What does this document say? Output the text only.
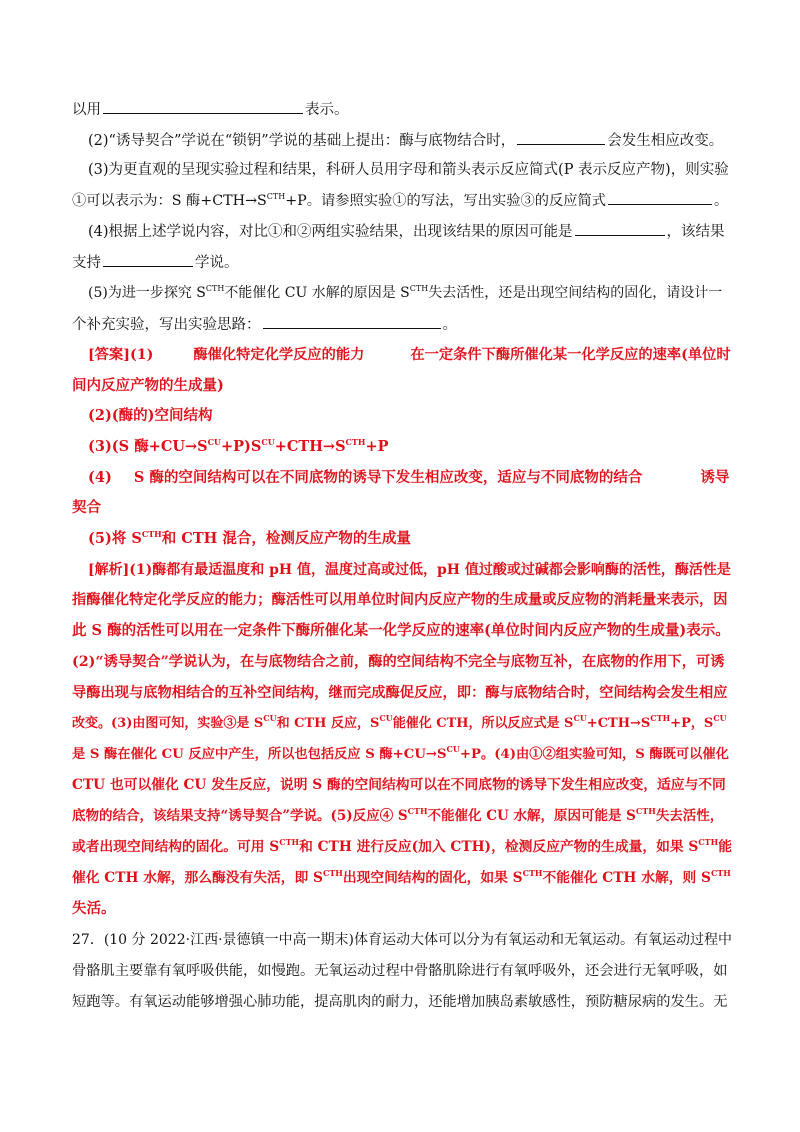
以用	表示。
(2)“诱导契合”学说在“锁钥”学说的基础上提出：酶与底物结合时，	会发生相应改变。
(3)为更直观的呈现实验过程和结果，科研人员用字母和箭头表示反应简式(P 表示反应产物)，则实验
①可以表示为：S 酶$+CTH\to S^{CTH}+P$。请参照实验①的写法，写出实验③的反应简式	。
(4)根据上述学说内容，对比①和②两组实验结果，出现该结果的原因可能是	，该结果
支持	学说。
(5)为进一步探究 $S^{CTH}$不能催化 CU 水解的原因是 $S^{CTH}$失去活性，还是出现空间结构的固化，请设计一
个补充实验，写出实验思路：	。
[答案](1)	酶催化特定化学反应的能力	在一定条件下酶所催化某一化学反应的速率(单位时
间内反应产物的生成量)
(2)(酶的)空间结构
(3)(S 酶$+CU\to S^{CU}+P)S^{CU}+CTH\to S^{CTH}+P$
(4) S 酶的空间结构可以在不同底物的诱导下发生相应改变，适应与不同底物的结合	诱导
契合
(5)将 $S^{CTH}$和 CTH 混合，检测反应产物的生成量
[解析](1)酶都有最适温度和 pH 值，温度过高或过低，pH 值过酸或过碱都会影响酶的活性，酶活性是
指酶催化特定化学反应的能力；酶活性可以用单位时间内反应产物的生成量或反应物的消耗量来表示，因
此 S 酶的活性可以用在一定条件下酶所催化某一化学反应的速率(单位时间内反应产物的生成量)表示。
(2)“诱导契合”学说认为，在与底物结合之前，酶的空间结构不完全与底物互补，在底物的作用下，可诱
导酶出现与底物相结合的互补空间结构，继而完成酶促反应，即：酶与底物结合时，空间结构会发生相应
改变。(3)由图可知，实验③是 $S^{CU}$和 CTH 反应，$S^{CU}$能催化 CTH，所以反应式是 $S^{CU}+CTH\to S^{CTH}+P$，$S^{CU}$
是 S 酶在催化 CU 反应中产生，所以也包括反应 S 酶$+CU\to S^{CU}+P$。(4)由①②组实验可知，S 酶既可以催化
CTU 也可以催化 CU 发生反应，说明 S 酶的空间结构可以在不同底物的诱导下发生相应改变，适应与不同
底物的结合，该结果支持“诱导契合”学说。(5)反应④ $S^{CTH}$不能催化 CU 水解，原因可能是 $S^{CTH}$失去活性，
或者出现空间结构的固化。可用 $S^{CTH}$和 CTH 进行反应(加入 CTH)，检测反应产物的生成量，如果 $S^{CTH}$能
催化 CTH 水解，那么酶没有失活，即 $S^{CTH}$出现空间结构的固化，如果 $S^{CTH}$不能催化 CTH 水解，则 $S^{CTH}$
失活。
27．(10 分 2022·江西·景德镇一中高一期末)体育运动大体可以分为有氧运动和无氧运动。有氧运动过程中
骨骼肌主要靠有氧呼吸供能，如慢跑。无氧运动过程中骨骼肌除进行有氧呼吸外，还会进行无氧呼吸，如
短跑等。有氧运动能够增强心肺功能，提高肌肉的耐力，还能增加胰岛素敏感性，预防糖尿病的发生。无
